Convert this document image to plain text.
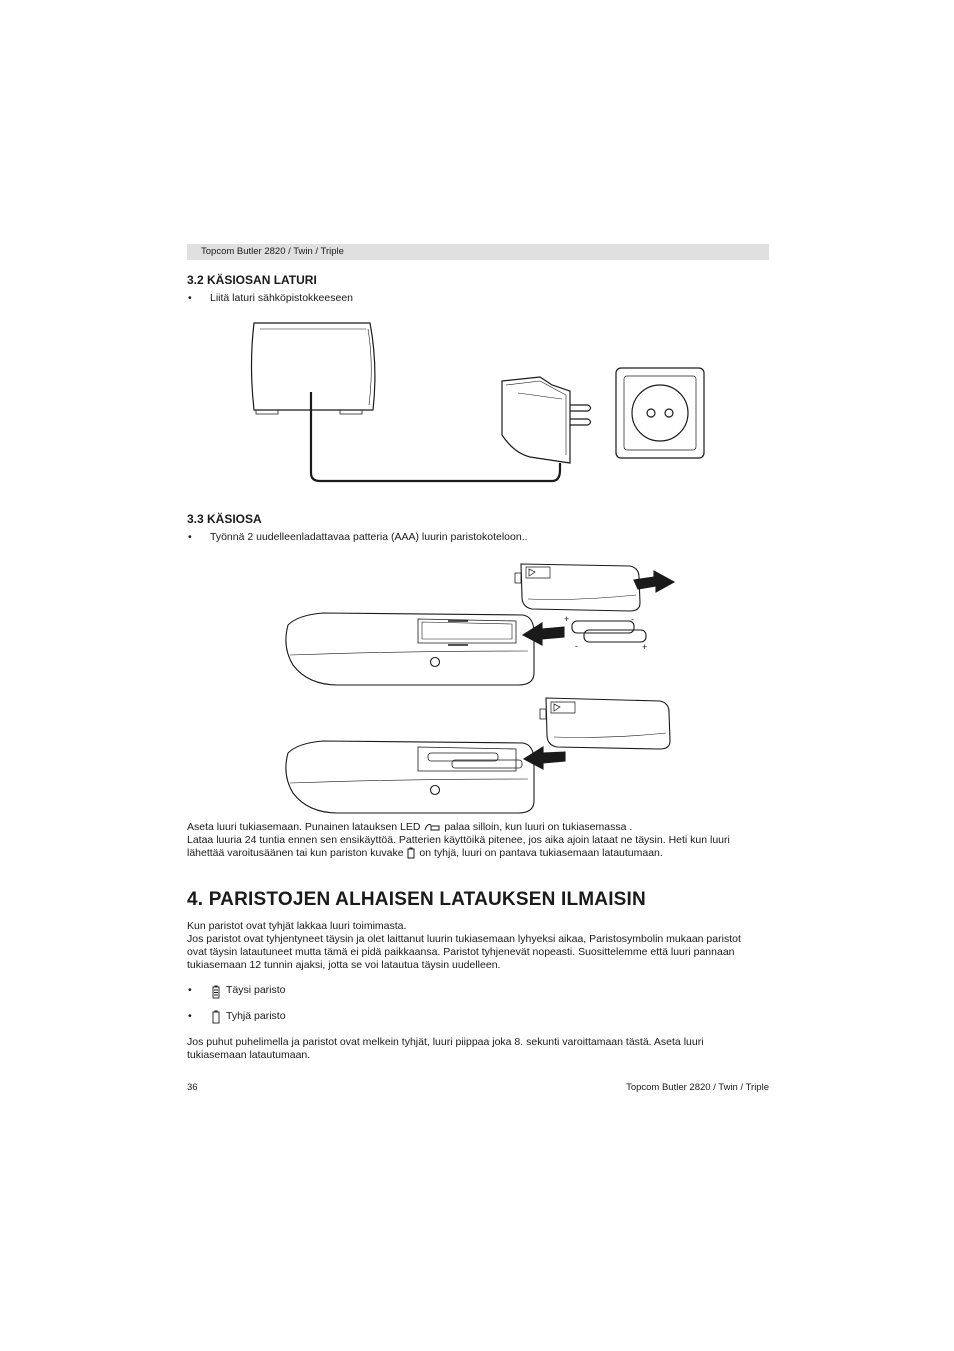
Topcom Butler 2820 / Twin / Triple
3.2 KÄSIOSAN LATURI
• Liitä laturi sähköpistokkeeseen
3.3 KÄSIOSA
• Työnnä 2 uudelleenladattavaa patteria (AAA) luurin paristokoteloon..
+	-
-	+
Aseta luuri tukiasemaan. Punainen latauksen LED palaa silloin, kun luuri on tukiasemassa .
Lataa luuria 24 tuntia ennen sen ensikäyttöä. Patterien käyttöikä pitenee, jos aika ajoin lataat ne täysin. Heti kun luuri
lähettää varoitusäänen tai kun pariston kuvake on tyhjä, luuri on pantava tukiasemaan latautumaan.
4. PARISTOJEN ALHAISEN LATAUKSEN ILMAISIN
Kun paristot ovat tyhjät lakkaa luuri toimimasta.
Jos paristot ovat tyhjentyneet täysin ja olet laittanut luurin tukiasemaan lyhyeksi aikaa, Paristosymbolin mukaan paristot
ovat täysin latautuneet mutta tämä ei pidä paikkaansa. Paristot tyhjenevät nopeasti. Suosittelemme että luuri pannaan
tukiasemaan 12 tunnin ajaksi, jotta se voi latautua täysin uudelleen.
•	Täysi paristo
•	Tyhjä paristo
Jos puhut puhelimella ja paristot ovat melkein tyhjät, luuri piippaa joka 8. sekunti varoittamaan tästä. Aseta luuri
tukiasemaan latautumaan.
36	Topcom Butler 2820 / Twin / Triple
